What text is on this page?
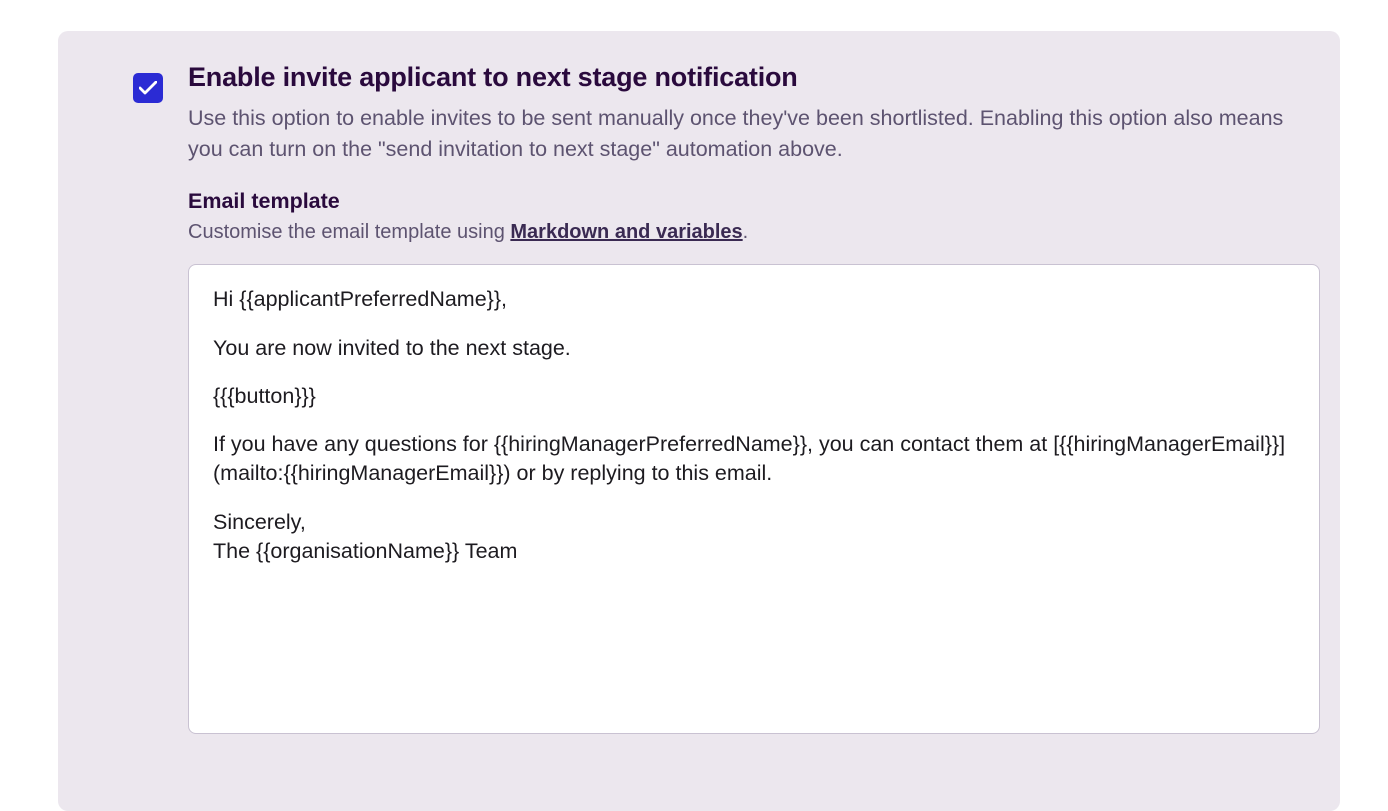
Enable invite applicant to next stage notification

Use this option to enable invites to be sent manually once they've been shortlisted. Enabling this option also means you can turn on the "send invitation to next stage" automation above.

Email template

Customise the email template using Markdown and variables.

Hi {{applicantPreferredName}},
You are now invited to the next stage.
{{{button}}}
If you have any questions for {{hiringManagerPreferredName}}, you can contact them at [{{hiringManagerEmail}}](mailto:{{hiringManagerEmail}}) or by replying to this email.
Sincerely,
The {{organisationName}} Team
